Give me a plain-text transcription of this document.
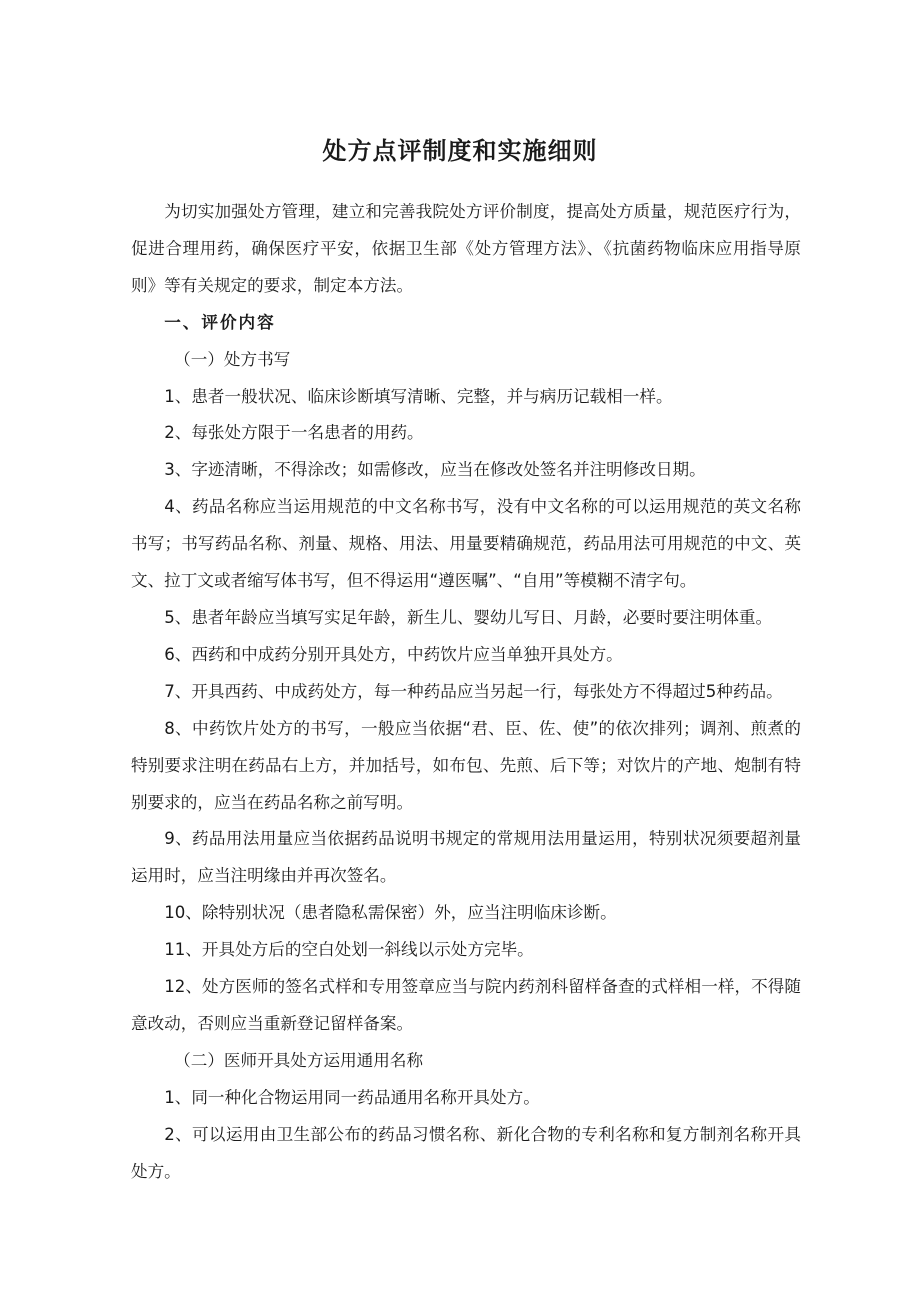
处方点评制度和实施细则

为切实加强处方管理，建立和完善我院处方评价制度，提高处方质量，规范医疗行为，促进合理用药，确保医疗平安，依据卫生部《处方管理方法》、《抗菌药物临床应用指导原则》等有关规定的要求，制定本方法。

一、评价内容

（一）处方书写

1、患者一般状况、临床诊断填写清晰、完整，并与病历记载相一样。

2、每张处方限于一名患者的用药。

3、字迹清晰，不得涂改；如需修改，应当在修改处签名并注明修改日期。

4、药品名称应当运用规范的中文名称书写，没有中文名称的可以运用规范的英文名称书写；书写药品名称、剂量、规格、用法、用量要精确规范，药品用法可用规范的中文、英文、拉丁文或者缩写体书写，但不得运用“遵医嘱”、“自用”等模糊不清字句。

5、患者年龄应当填写实足年龄，新生儿、婴幼儿写日、月龄，必要时要注明体重。

6、西药和中成药分别开具处方，中药饮片应当单独开具处方。

7、开具西药、中成药处方，每一种药品应当另起一行，每张处方不得超过5种药品。

8、中药饮片处方的书写，一般应当依据“君、臣、佐、使”的依次排列；调剂、煎煮的特别要求注明在药品右上方，并加括号，如布包、先煎、后下等；对饮片的产地、炮制有特别要求的，应当在药品名称之前写明。

9、药品用法用量应当依据药品说明书规定的常规用法用量运用，特别状况须要超剂量运用时，应当注明缘由并再次签名。

10、除特别状况（患者隐私需保密）外，应当注明临床诊断。

11、开具处方后的空白处划一斜线以示处方完毕。

12、处方医师的签名式样和专用签章应当与院内药剂科留样备查的式样相一样，不得随意改动，否则应当重新登记留样备案。

（二）医师开具处方运用通用名称

1、同一种化合物运用同一药品通用名称开具处方。

2、可以运用由卫生部公布的药品习惯名称、新化合物的专利名称和复方制剂名称开具处方。
